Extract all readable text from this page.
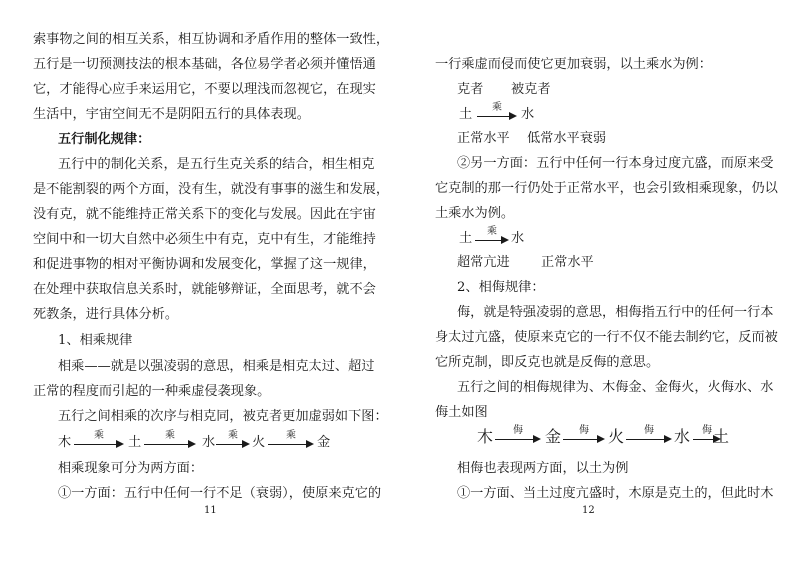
索事物之间的相互关系，相互协调和矛盾作用的整体一致性，
五行是一切预测技法的根本基础，各位易学者必须并懂悟通
它，才能得心应手来运用它，不要以理浅而忽视它，在现实
生活中，宇宙空间无不是阴阳五行的具体表现。
五行制化规律：
五行中的制化关系，是五行生克关系的结合，相生相克
是不能割裂的两个方面，没有生，就没有事事的滋生和发展，
没有克，就不能维持正常关系下的变化与发展。因此在宇宙
空间中和一切大自然中必须生中有克，克中有生，才能维持
和促进事物的相对平衡协调和发展变化，掌握了这一规律，
在处理中获取信息关系时，就能够辩证，全面思考，就不会
死教条，进行具体分析。
1、相乘规律
相乘——就是以强凌弱的意思，相乘是相克太过、超过
正常的程度而引起的一种乘虚侵袭现象。
五行之间相乘的次序与相克同，被克者更加虚弱如下图：
木	乘	土	乘	水	乘	火	乘	金
相乘现象可分为两方面：
①一方面：五行中任何一行不足（衰弱），使原来克它的
11
一行乘虚而侵而使它更加衰弱，以土乘水为例：
克者 被克者
土	乘	水
正常水平 低常水平衰弱
②另一方面：五行中任何一行本身过度亢盛，而原来受
它克制的那一行仍处于正常水平，也会引致相乘现象，仍以
土乘水为例。
土	乘	水
超常亢进 正常水平
2、相侮规律：
侮，就是特强凌弱的意思，相侮指五行中的任何一行本
身太过亢盛，使原来克它的一行不仅不能去制约它，反而被
它所克制，即反克也就是反侮的意思。
五行之间的相侮规律为、木侮金、金侮火，火侮水、水
侮土如图
木	侮	金	侮	火	侮	水	侮 土
相侮也表现两方面，以土为例
①一方面、当土过度亢盛时，木原是克土的，但此时木
12
